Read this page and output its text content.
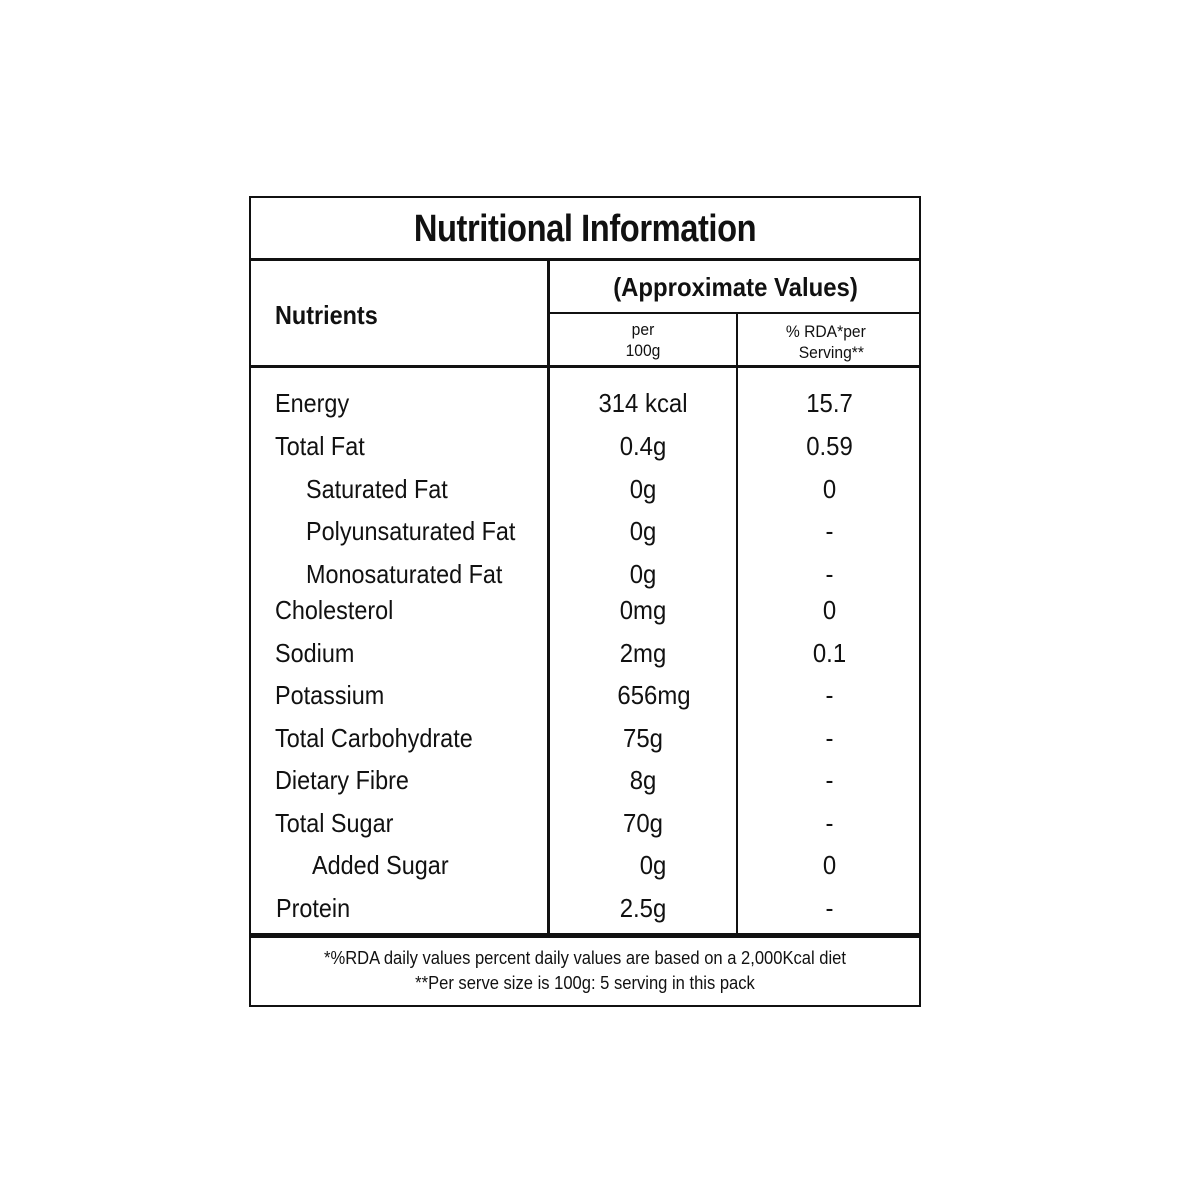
Nutritional Information
Nutrients
(Approximate Values)
per
100g
% RDA*per
Serving**
Energy	314 kcal	15.7
Total Fat	0.4g	0.59
Saturated Fat	0g	0
Polyunsaturated Fat	0g	-
Monosaturated Fat	0g	-
Cholesterol	0mg	0
Sodium	2mg	0.1
Potassium	656mg	-
Total Carbohydrate	75g	-
Dietary Fibre	8g	-
Total Sugar	70g	-
Added Sugar	0g	0
Protein	2.5g	-
*%RDA daily values percent daily values are based on a 2,000Kcal diet
**Per serve size is 100g: 5 serving in this pack
